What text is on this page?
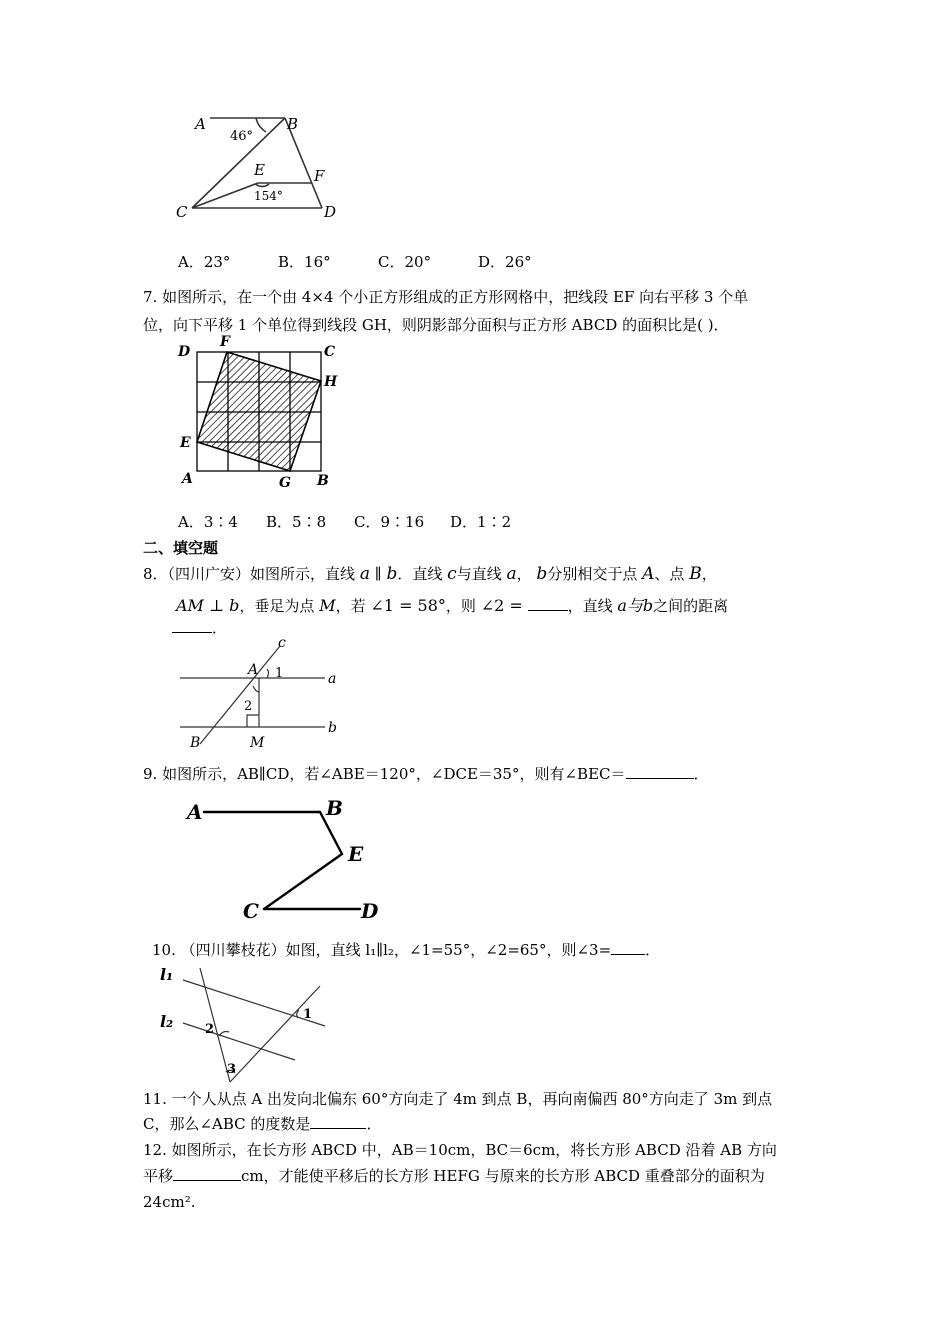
A	B
C	D
E	F
46°
154°
A．23°	B．16°	C．20°	D．26°
7. 如图所示，在一个由 4×4 个小正方形组成的正方形网格中，把线段 EF 向右平移 3 个单
位，向下平移 1 个单位得到线段 GH，则阴影部分面积与正方形 ABCD 的面积比是( )．
D
F
C
H
E
A	G B
A．3∶4 B．5∶8 C．9∶16 D．1∶2
二、填空题
8．（四川广安）如图所示，直线 a ∥ b．直线 c与直线 a， b分别相交于点 A、点 B，
AM ⊥ b，垂足为点 M，若 ∠1 = 58°，则 ∠2 =	，直线 a与b之间的距离
．
c
A 1	a
2
b
B	M
9. 如图所示，AB∥CD，若∠ABE＝120°，∠DCE＝35°，则有∠BEC＝	．
A	B
E
C	D
10. （四川攀枝花）如图，直线 l₁∥l₂，∠1=55°，∠2=65°，则∠3= ．
l₁
l₂	1
2
3
11. 一个人从点 A 出发向北偏东 60°方向走了 4m 到点 B，再向南偏西 80°方向走了 3m 到点
C，那么∠ABC 的度数是	．
12. 如图所示，在长方形 ABCD 中，AB＝10cm，BC＝6cm，将长方形 ABCD 沿着 AB 方向
平移	cm，才能使平移后的长方形 HEFG 与原来的长方形 ABCD 重叠部分的面积为
24cm².
